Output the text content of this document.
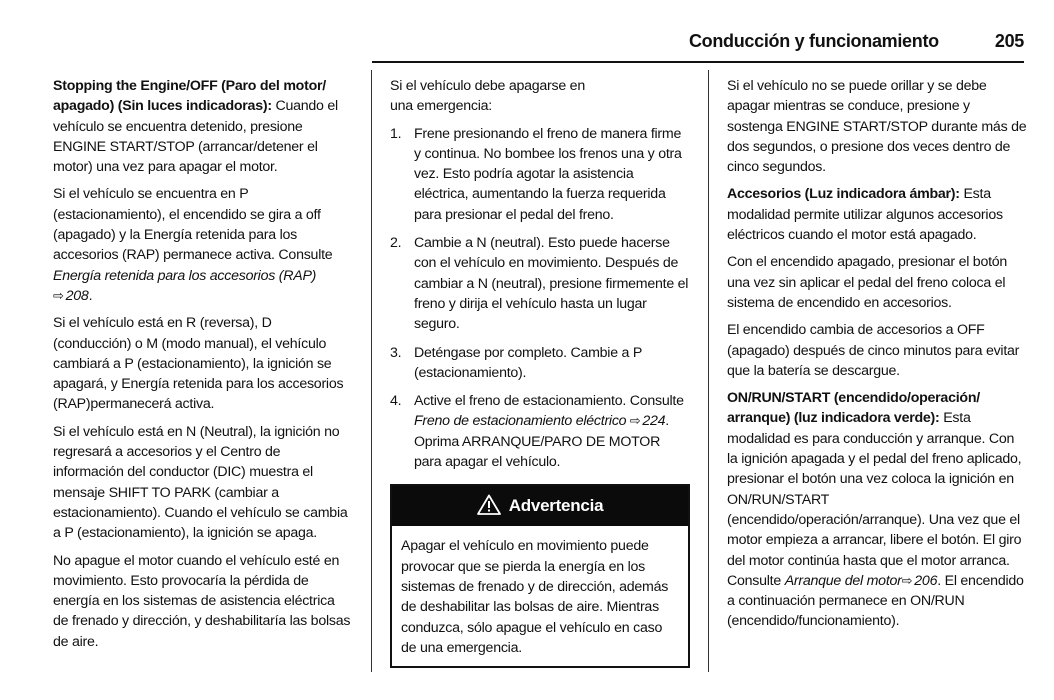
Conducción y funcionamiento	205

Stopping the Engine/OFF (Paro del motor/ apagado) (Sin luces indicadoras): Cuando el vehículo se encuentra detenido, presione ENGINE START/STOP (arrancar/detener el motor) una vez para apagar el motor.

Si el vehículo se encuentra en P (estacionamiento), el encendido se gira a off (apagado) y la Energía retenida para los accesorios (RAP) permanece activa. Consulte Energía retenida para los accesorios (RAP)
⇨ 208.

Si el vehículo está en R (reversa), D (conducción) o M (modo manual), el vehículo cambiará a P (estacionamiento), la ignición se apagará, y Energía retenida para los accesorios (RAP)permanecerá activa.

Si el vehículo está en N (Neutral), la ignición no regresará a accesorios y el Centro de información del conductor (DIC) muestra el mensaje SHIFT TO PARK (cambiar a estacionamiento). Cuando el vehículo se cambia a P (estacionamiento), la ignición se apaga.

No apague el motor cuando el vehículo esté en movimiento. Esto provocaría la pérdida de energía en los sistemas de asistencia eléctrica de frenado y dirección, y deshabilitaría las bolsas de aire.

Si el vehículo debe apagarse en una emergencia:

1. Frene presionando el freno de manera firme y continua. No bombee los frenos una y otra vez. Esto podría agotar la asistencia eléctrica, aumentando la fuerza requerida para presionar el pedal del freno.
2. Cambie a N (neutral). Esto puede hacerse con el vehículo en movimiento. Después de cambiar a N (neutral), presione firmemente el freno y dirija el vehículo hasta un lugar seguro.
3. Deténgase por completo. Cambie a P (estacionamiento).
4. Active el freno de estacionamiento. Consulte Freno de estacionamiento eléctrico ⇨ 224. Oprima ARRANQUE/PARO DE MOTOR para apagar el vehículo.
Advertencia
Apagar el vehículo en movimiento puede provocar que se pierda la energía en los sistemas de frenado y de dirección, además de deshabilitar las bolsas de aire. Mientras conduzca, sólo apague el vehículo en caso de una emergencia.

Si el vehículo no se puede orillar y se debe apagar mientras se conduce, presione y sostenga ENGINE START/STOP durante más de dos segundos, o presione dos veces dentro de cinco segundos.

Accesorios (Luz indicadora ámbar): Esta modalidad permite utilizar algunos accesorios eléctricos cuando el motor está apagado.

Con el encendido apagado, presionar el botón una vez sin aplicar el pedal del freno coloca el sistema de encendido en accesorios.

El encendido cambia de accesorios a OFF (apagado) después de cinco minutos para evitar que la batería se descargue.

ON/RUN/START (encendido/operación/ arranque) (luz indicadora verde): Esta modalidad es para conducción y arranque. Con la ignición apagada y el pedal del freno aplicado, presionar el botón una vez coloca la ignición en ON/RUN/START (encendido/operación/arranque). Una vez que el motor empieza a arrancar, libere el botón. El giro del motor continúa hasta que el motor arranca. Consulte Arranque del motor⇨ 206. El encendido a continuación permanece en ON/RUN (encendido/funcionamiento).
